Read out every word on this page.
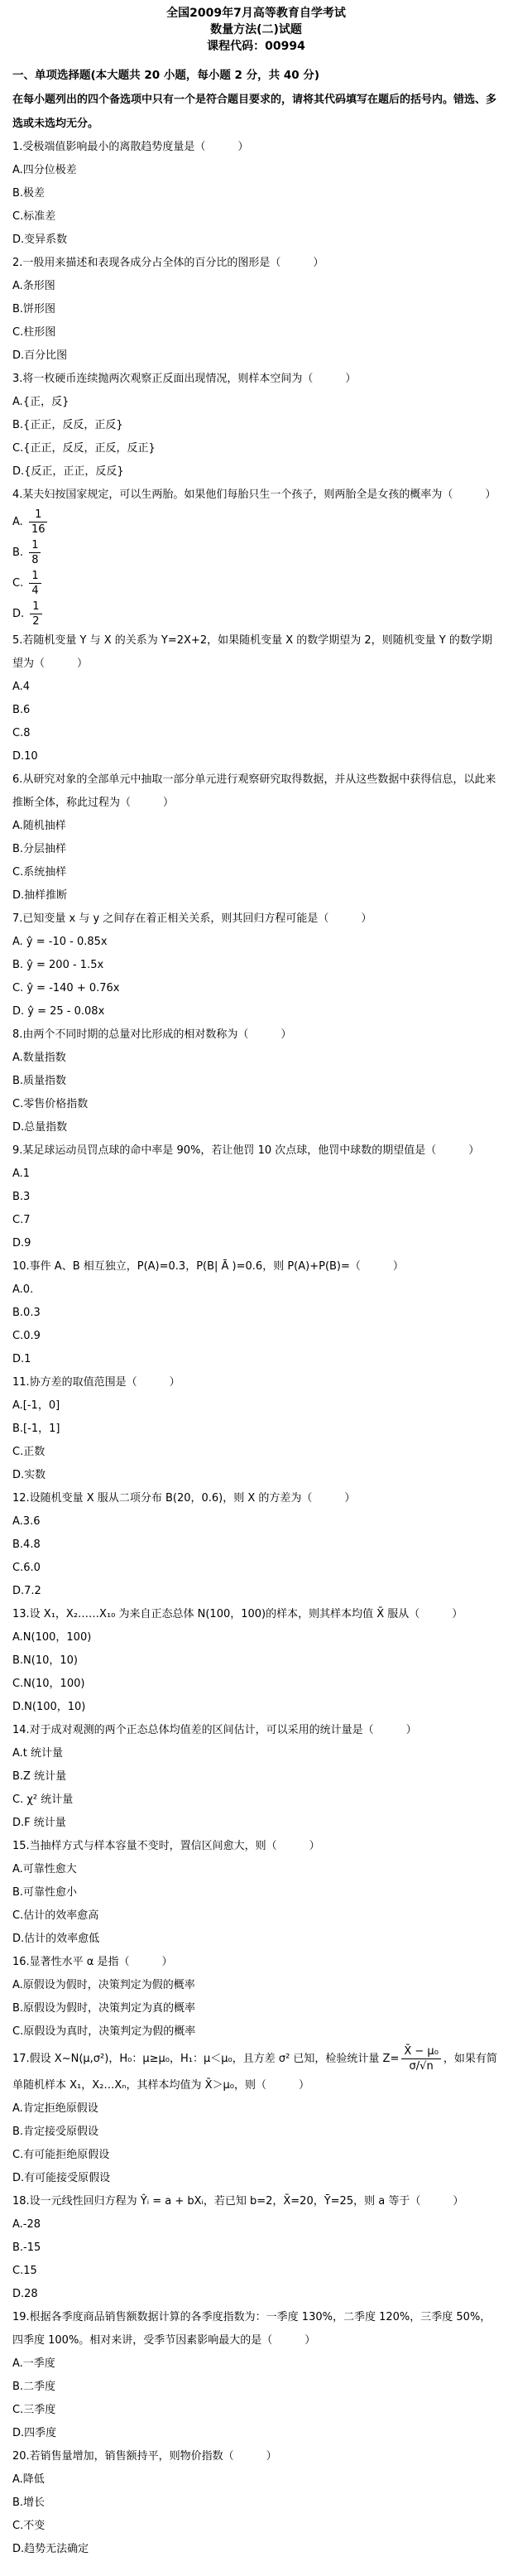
全国2009年7月高等教育自学考试
数量方法(二)试题
课程代码：00994
一、单项选择题(本大题共 20 小题，每小题 2 分，共 40 分)
在每小题列出的四个备选项中只有一个是符合题目要求的，请将其代码填写在题后的括号内。错选、多选或未选均无分。
1.受极端值影响最小的离散趋势度量是（　　　）
A.四分位极差
B.极差
C.标准差
D.变异系数
2.一般用来描述和表现各成分占全体的百分比的图形是（　　　）
A.条形图
B.饼形图
C.柱形图
D.百分比图
3.将一枚硬币连续抛两次观察正反面出现情况，则样本空间为（　　　）
A.{正，反}
B.{正正，反反，正反}
C.{正正，反反，正反，反正}
D.{反正，正正，反反}
4.某夫妇按国家规定，可以生两胎。如果他们每胎只生一个孩子，则两胎全是女孩的概率为（　　　）
A. $\frac{1}{16}$
B. $\frac{1}{8}$
C. $\frac{1}{4}$
D. $\frac{1}{2}$
5.若随机变量 Y 与 X 的关系为 Y=2X+2，如果随机变量 X 的数学期望为 2，则随机变量 Y 的数学期望为（　　　）
A.4
B.6
C.8
D.10
6.从研究对象的全部单元中抽取一部分单元进行观察研究取得数据，并从这些数据中获得信息，以此来推断全体，称此过程为（　　　）
A.随机抽样
B.分层抽样
C.系统抽样
D.抽样推断
7.已知变量 x 与 y 之间存在着正相关关系，则其回归方程可能是（　　　）
A. ŷ = -10 - 0.85x
B. ŷ = 200 - 1.5x
C. ŷ = -140 + 0.76x
D. ŷ = 25 - 0.08x
8.由两个不同时期的总量对比形成的相对数称为（　　　）
A.数量指数
B.质量指数
C.零售价格指数
D.总量指数
9.某足球运动员罚点球的命中率是 90%，若让他罚 10 次点球，他罚中球数的期望值是（　　　）
A.1
B.3
C.7
D.9
10.事件 A、B 相互独立，P(A)=0.3，P(B| Ā )=0.6，则 P(A)+P(B)=（　　　）
A.0.
B.0.3
C.0.9
D.1
11.协方差的取值范围是（　　　）
A.[-1，0]
B.[-1，1]
C.正数
D.实数
12.设随机变量 X 服从二项分布 B(20，0.6)，则 X 的方差为（　　　）
A.3.6
B.4.8
C.6.0
D.7.2
13.设 X₁，X₂……X₁₀ 为来自正态总体 N(100，100)的样本，则其样本均值 X̄ 服从（　　　）
A.N(100，100)
B.N(10，10)
C.N(10，100)
D.N(100，10)
14.对于成对观测的两个正态总体均值差的区间估计，可以采用的统计量是（　　　）
A.t 统计量
B.Z 统计量
C. χ² 统计量
D.F 统计量
15.当抽样方式与样本容量不变时，置信区间愈大，则（　　　）
A.可靠性愈大
B.可靠性愈小
C.估计的效率愈高
D.估计的效率愈低
16.显著性水平 α 是指（　　　）
A.原假设为假时，决策判定为假的概率
B.原假设为假时，决策判定为真的概率
C.原假设为真时，决策判定为假的概率
17.假设 X~N(μ,σ²)，H₀：μ≥μ₀，H₁：μ＜μ₀，且方差 σ² 已知，检验统计量 $Z= \frac{\text{X̄ − μ₀}}{\sigma/√n}$ ，如果有简单随机样本 X₁，X₂…Xₙ，其样本均值为 X̄＞μ₀，则（　　　）
A.肯定拒绝原假设
B.肯定接受原假设
C.有可能拒绝原假设
D.有可能接受原假设
18.设一元线性回归方程为 Ŷᵢ = a + bXᵢ，若已知 b=2，X̄=20，Ȳ=25，则 a 等于（　　　）
A.-28
B.-15
C.15
D.28
19.根据各季度商品销售额数据计算的各季度指数为：一季度 130%，二季度 120%，三季度 50%，四季度 100%。相对来讲，受季节因素影响最大的是（　　　）
A.一季度
B.二季度
C.三季度
D.四季度
20.若销售量增加，销售额持平，则物价指数（　　　）
A.降低
B.增长
C.不变
D.趋势无法确定
